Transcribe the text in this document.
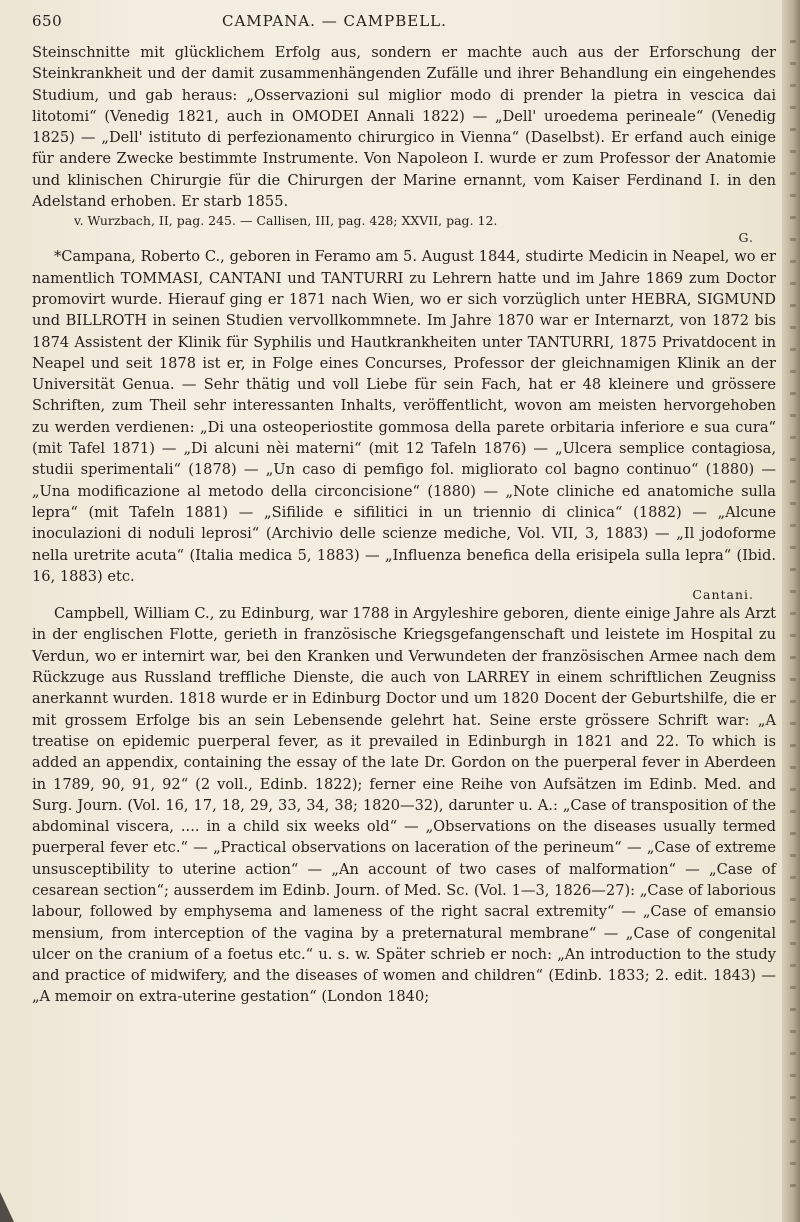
650	CAMPANA. — CAMPBELL.

Steinschnitte mit glücklichem Erfolg aus, sondern er machte auch aus der Erforschung der Steinkrankheit und der damit zusammenhängenden Zufälle und ihrer Behandlung ein eingehendes Studium, und gab heraus: „Osservazioni sul miglior modo di prender la pietra in vescica dai litotomi“ (Venedig 1821, auch in OMODEI Annali 1822) — „Dell' uroedema perineale“ (Venedig 1825) — „Dell' istituto di perfezionamento chirurgico in Vienna“ (Daselbst). Er erfand auch einige für andere Zwecke bestimmte Instrumente. Von Napoleon I. wurde er zum Professor der Anatomie und klinischen Chirurgie für die Chirurgen der Marine ernannt, vom Kaiser Ferdinand I. in den Adelstand erhoben. Er starb 1855.

v. Wurzbach, II, pag. 245. — Callisen, III, pag. 428; XXVII, pag. 12.

G.

*Campana, Roberto C., geboren in Feramo am 5. August 1844, studirte Medicin in Neapel, wo er namentlich TOMMASI, CANTANI und TANTURRI zu Lehrern hatte und im Jahre 1869 zum Doctor promovirt wurde. Hierauf ging er 1871 nach Wien, wo er sich vorzüglich unter HEBRA, SIGMUND und BILLROTH in seinen Studien vervollkommnete. Im Jahre 1870 war er Internarzt, von 1872 bis 1874 Assistent der Klinik für Syphilis und Hautkrankheiten unter TANTURRI, 1875 Privatdocent in Neapel und seit 1878 ist er, in Folge eines Concurses, Professor der gleichnamigen Klinik an der Universität Genua. — Sehr thätig und voll Liebe für sein Fach, hat er 48 kleinere und grössere Schriften, zum Theil sehr interessanten Inhalts, veröffentlicht, wovon am meisten hervorgehoben zu werden verdienen: „Di una osteoperiostite gommosa della parete orbitaria inferiore e sua cura“ (mit Tafel 1871) — „Di alcuni nèi materni“ (mit 12 Tafeln 1876) — „Ulcera semplice contagiosa, studii sperimentali“ (1878) — „Un caso di pemfigo fol. migliorato col bagno continuo“ (1880) — „Una modificazione al metodo della circoncisione“ (1880) — „Note cliniche ed anatomiche sulla lepra“ (mit Tafeln 1881) — „Sifilide e sifilitici in un triennio di clinica“ (1882) — „Alcune inoculazioni di noduli leprosi“ (Archivio delle scienze mediche, Vol. VII, 3, 1883) — „Il jodoforme nella uretrite acuta“ (Italia medica 5, 1883) — „Influenza benefica della erisipela sulla lepra“ (Ibid. 16, 1883) etc.

Cantani.

Campbell, William C., zu Edinburg, war 1788 in Argyleshire geboren, diente einige Jahre als Arzt in der englischen Flotte, gerieth in französische Kriegsgefangenschaft und leistete im Hospital zu Verdun, wo er internirt war, bei den Kranken und Verwundeten der französischen Armee nach dem Rückzuge aus Russland treffliche Dienste, die auch von LARREY in einem schriftlichen Zeugniss anerkannt wurden. 1818 wurde er in Edinburg Doctor und um 1820 Docent der Geburtshilfe, die er mit grossem Erfolge bis an sein Lebensende gelehrt hat. Seine erste grössere Schrift war: „A treatise on epidemic puerperal fever, as it prevailed in Edinburgh in 1821 and 22. To which is added an appendix, containing the essay of the late Dr. Gordon on the puerperal fever in Aberdeen in 1789, 90, 91, 92“ (2 voll., Edinb. 1822); ferner eine Reihe von Aufsätzen im Edinb. Med. and Surg. Journ. (Vol. 16, 17, 18, 29, 33, 34, 38; 1820—32), darunter u. A.: „Case of transposition of the abdominal viscera, .... in a child six weeks old“ — „Observations on the diseases usually termed puerperal fever etc.“ — „Practical observations on laceration of the perineum“ — „Case of extreme unsusceptibility to uterine action“ — „An account of two cases of malformation“ — „Case of cesarean section“; ausserdem im Edinb. Journ. of Med. Sc. (Vol. 1—3, 1826—27): „Case of laborious labour, followed by emphysema and lameness of the right sacral extremity“ — „Case of emansio mensium, from interception of the vagina by a preternatural membrane“ — „Case of congenital ulcer on the cranium of a foetus etc.“ u. s. w. Später schrieb er noch: „An introduction to the study and practice of midwifery, and the diseases of women and children“ (Edinb. 1833; 2. edit. 1843) — „A memoir on extra-uterine gestation“ (London 1840;
